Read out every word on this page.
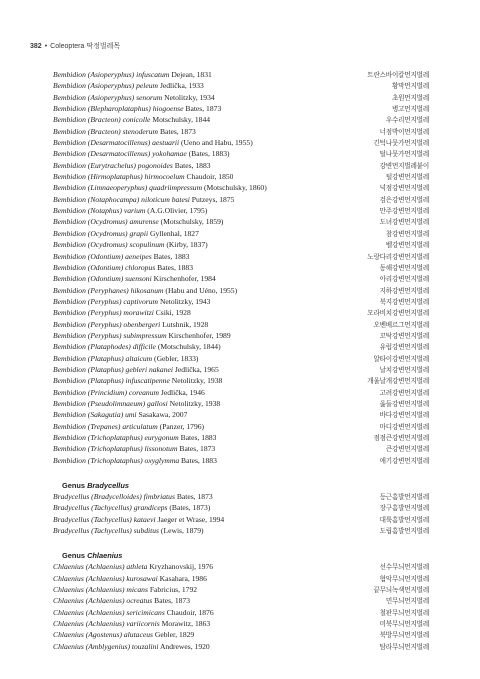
382 • Coleoptera 딱정벌레목
Bembidion (Asioperyphus) infuscatum Dejean, 1831	트란스바이칼먼지벌레
Bembidion (Asioperyphus) peleum Jedlička, 1933	황막먼지벌레
Bembidion (Asioperyphus) senorum Netolitzky, 1934	초원먼지벌레
Bembidion (Blepharoplataphus) hiogoense Bates, 1873	병고먼지벌레
Bembidion (Bracteon) conicolle Motschulsky, 1844	우수리먼지벌레
Bembidion (Bracteon) stenoderum Bates, 1873	너점박이먼지벌레
Bembidion (Desarmatocillenus) aestuarii (Ueno and Habu, 1955)	긴턱나뭇가먼지벌레
Bembidion (Desarmatocillenus) yokohamae (Bates, 1883)	털나뭇가먼지벌레
Bembidion (Eurytrachelus) pogonoides Bates, 1883	강변먼지벌레붙이
Bembidion (Hirmoplataphus) hirmocoelum Chaudoir, 1850	털강변먼지벌레
Bembidion (Limnaeoperyphus) quadriimpressum (Motschulsky, 1860)	넉점강변먼지벌레
Bembidion (Notaphocampa) niloticum batesi Putzeys, 1875	검은강변먼지벌레
Bembidion (Notaphus) varium (A.G.Olivier, 1795)	만주강변먼지벌레
Bembidion (Ocydromus) amurense (Motschulsky, 1859)	도녀강변먼지벌레
Bembidion (Ocydromus) grapii Gyllenhal, 1827	참강변먼지벌레
Bembidion (Ocydromus) scopulinum (Kirby, 1837)	벨강변먼지벌레
Bembidion (Odontium) aeneipes Bates, 1883	노랑다리강변먼지벌레
Bembidion (Odontium) chloropus Bates, 1883	동해강변먼지벌레
Bembidion (Odontium) suensoni Kirschenhofer, 1984	아리강변먼지벌레
Bembidion (Peryphanes) hikosanum (Habu and Uéno, 1955)	지하강변먼지벌레
Bembidion (Peryphus) captivorum Netolitzky, 1943	북지강변먼지벌레
Bembidion (Peryphus) morawitzi Csiki, 1928	모라비치강변먼지벌레
Bembidion (Peryphus) obenbergeri Lutshnik, 1928	오벤베르그먼지벌레
Bembidion (Peryphus) subimpressum Kirschenhofer, 1989	꼬탁강변먼지벌레
Bembidion (Plataphodes) difficile (Motschulsky, 1844)	유럽강변먼지벌레
Bembidion (Plataphus) altaicum (Gebler, 1833)	알타이강변먼지벌레
Bembidion (Plataphus) gebleri nakanei Jedlička, 1965	날치강변먼지벌레
Bembidion (Plataphus) infuscatipenne Netolitzky, 1938	개울날개강변먼지벌레
Bembidion (Princidium) coreanum Jedlička, 1946	고려강변먼지벌레
Bembidion (Pseudolimnaeum) gallosi Netolitzky, 1938	옳둘강변먼지벌레
Bembidion (Sakagutia) umi Sasakawa, 2007	바다강변먼지벌레
Bembidion (Trepanes) articulatum (Panzer, 1796)	마디강변먼지벌레
Bembidion (Trichoplataphus) eurygonum Bates, 1883	점점큰강변먼지벌레
Bembidion (Trichoplataphus) lissonotum Bates, 1873	큰강변먼지벌레
Bembidion (Trichoplataphus) oxyglymma Bates, 1883	애기강변먼지벌레
Genus Bradycellus
Bradycellus (Bradycelloides) fimbriatus Bates, 1873	등근흠발먼지벌레
Bradycellus (Tachycellus) grandiceps (Bates, 1873)	장구흠발먼지벌레
Bradycellus (Tachycellus) kataevi Jaeger et Wrase, 1994	대륙흠발먼지벌레
Bradycellus (Tachycellus) subditus (Lewis, 1879)	도립흠발먼지벌레
Genus Chlaenius
Chlaenius (Achlaenius) athleta Kryzhanovskij, 1976	선수무늬먼지벌레
Chlaenius (Achlaenius) kurosawai Kasahara, 1986	혐악무늬먼지벌레
Chlaenius (Achlaenius) micans Fabricius, 1792	끝무늬녹색먼지벌레
Chlaenius (Achlaenius) ocreatus Bates, 1873	민무늬먼지벌레
Chlaenius (Achlaenius) sericimicans Chaudoir, 1876	철판무늬먼지벌레
Chlaenius (Achlaenius) variicornis Morawitz, 1863	미북무늬먼지벌레
Chlaenius (Agostenus) alutaceus Gebler, 1829	북방무늬먼지벌레
Chlaenius (Amblygenius) touzalini Andrewes, 1920	탐라무늬먼지벌레
